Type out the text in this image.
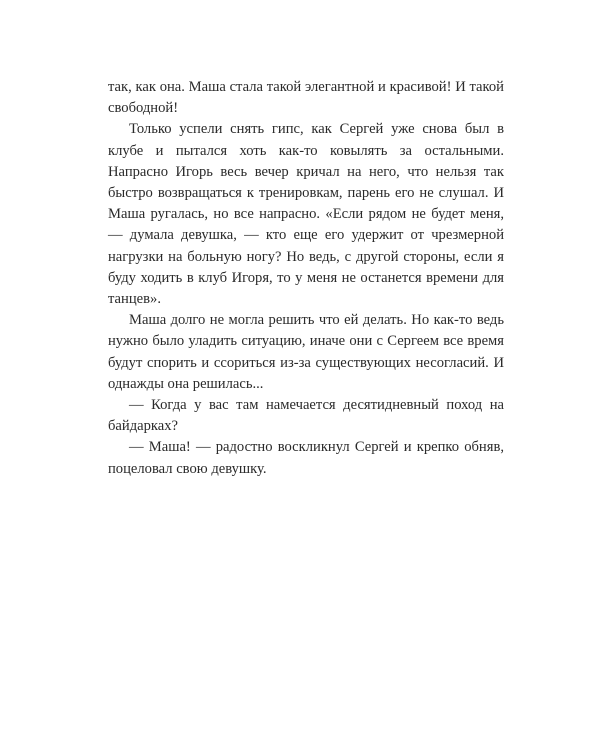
так, как она. Маша стала такой элегантной и красивой! И такой свободной!

Только успели снять гипс, как Сергей уже снова был в клубе и пытался хоть как-то ковылять за остальными. Напрасно Игорь весь вечер кричал на него, что нельзя так быстро возвращаться к тренировкам, парень его не слушал. И Маша ругалась, но все напрасно. «Если рядом не будет меня, — думала девушка, — кто еще его удержит от чрезмерной нагрузки на больную ногу? Но ведь, с другой стороны, если я буду ходить в клуб Игоря, то у меня не останется времени для танцев».

Маша долго не могла решить что ей делать. Но как-то ведь нужно было уладить ситуацию, иначе они с Сергеем все время будут спорить и ссориться из-за существующих несогласий. И однажды она решилась...

— Когда у вас там намечается десятидневный поход на байдарках?

— Маша! — радостно воскликнул Сергей и крепко обняв, поцеловал свою девушку.
